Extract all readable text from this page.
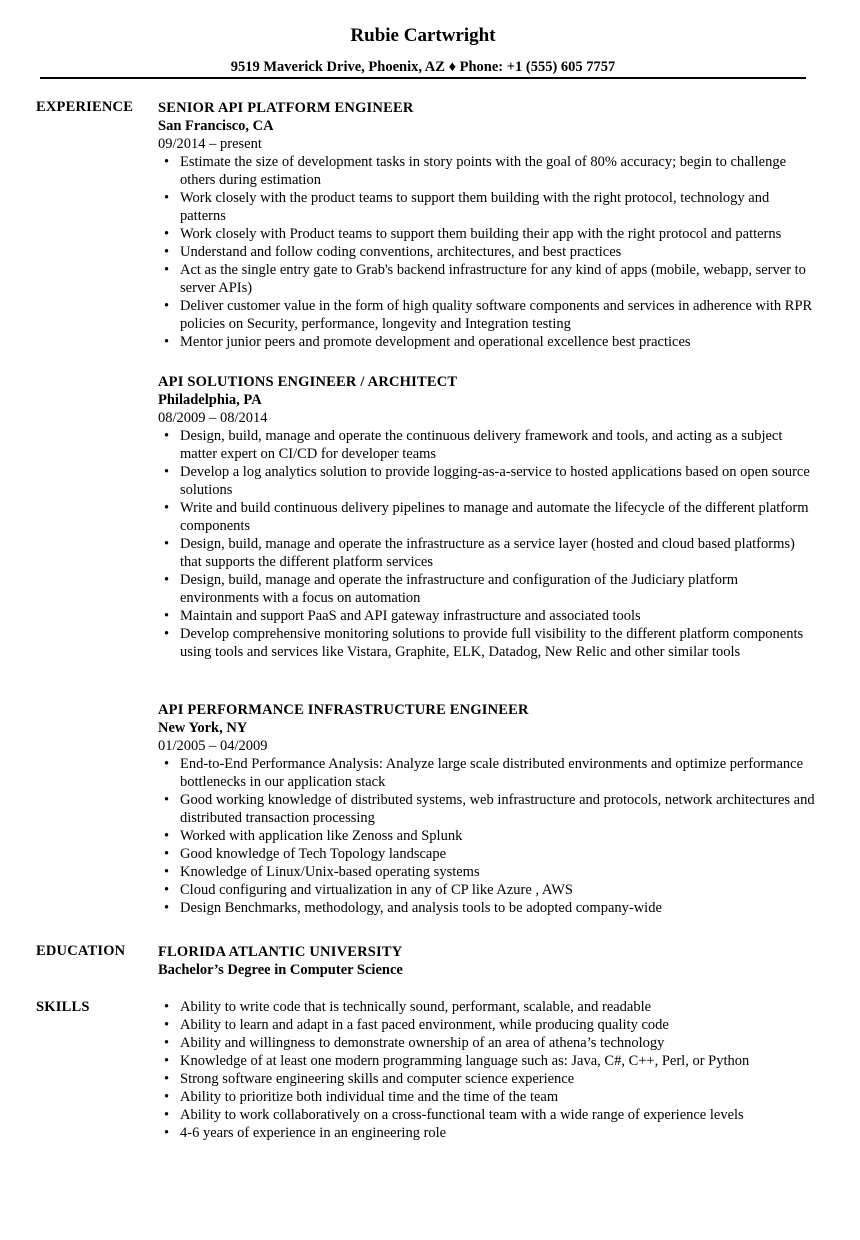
Rubie Cartwright
9519 Maverick Drive, Phoenix, AZ ♦ Phone: +1 (555) 605 7757
EXPERIENCE SENIOR API PLATFORM ENGINEER
San Francisco, CA
09/2014 – present
• Estimate the size of development tasks in story points with the goal of 80% accuracy; begin to challenge others during estimation
• Work closely with the product teams to support them building with the right protocol, technology and patterns
• Work closely with Product teams to support them building their app with the right protocol and patterns
• Understand and follow coding conventions, architectures, and best practices
• Act as the single entry gate to Grab's backend infrastructure for any kind of apps (mobile, webapp, server to server APIs)
• Deliver customer value in the form of high quality software components and services in adherence with RPR policies on Security, performance, longevity and Integration testing
• Mentor junior peers and promote development and operational excellence best practices
API SOLUTIONS ENGINEER / ARCHITECT
Philadelphia, PA
08/2009 – 08/2014
• Design, build, manage and operate the continuous delivery framework and tools, and acting as a subject matter expert on CI/CD for developer teams
• Develop a log analytics solution to provide logging-as-a-service to hosted applications based on open source solutions
• Write and build continuous delivery pipelines to manage and automate the lifecycle of the different platform components
• Design, build, manage and operate the infrastructure as a service layer (hosted and cloud based platforms) that supports the different platform services
• Design, build, manage and operate the infrastructure and configuration of the Judiciary platform environments with a focus on automation
• Maintain and support PaaS and API gateway infrastructure and associated tools
• Develop comprehensive monitoring solutions to provide full visibility to the different platform components using tools and services like Vistara, Graphite, ELK, Datadog, New Relic and other similar tools
API PERFORMANCE INFRASTRUCTURE ENGINEER
New York, NY
01/2005 – 04/2009
• End-to-End Performance Analysis: Analyze large scale distributed environments and optimize performance bottlenecks in our application stack
• Good working knowledge of distributed systems, web infrastructure and protocols, network architectures and distributed transaction processing
• Worked with application like Zenoss and Splunk
• Good knowledge of Tech Topology landscape
• Knowledge of Linux/Unix-based operating systems
• Cloud configuring and virtualization in any of CP like Azure , AWS
• Design Benchmarks, methodology, and analysis tools to be adopted company-wide
EDUCATION FLORIDA ATLANTIC UNIVERSITY
Bachelor’s Degree in Computer Science
SKILLS
•	Ability to write code that is technically sound, performant, scalable, and readable
• Ability to learn and adapt in a fast paced environment, while producing quality code
• Ability and willingness to demonstrate ownership of an area of athena’s technology
• Knowledge of at least one modern programming language such as: Java, C#, C++, Perl, or Python
• Strong software engineering skills and computer science experience
• Ability to prioritize both individual time and the time of the team
• Ability to work collaboratively on a cross-functional team with a wide range of experience levels
• 4-6 years of experience in an engineering role
